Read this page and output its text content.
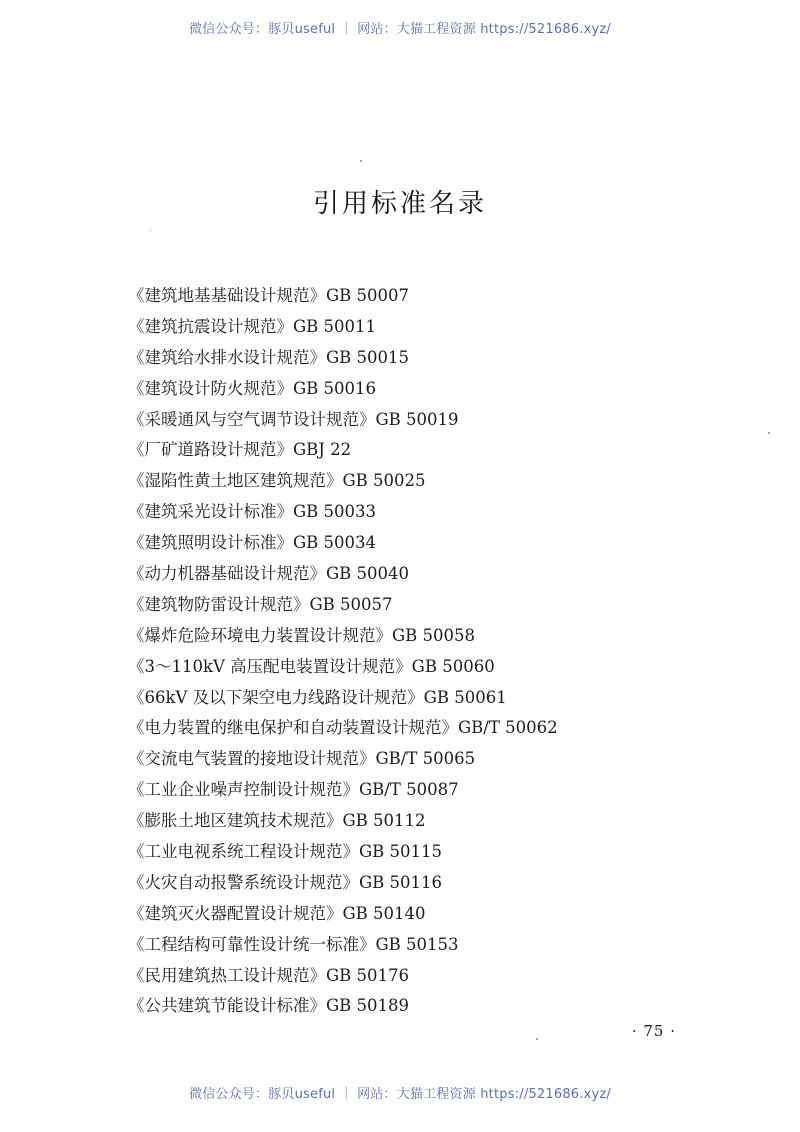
微信公众号：豚贝useful ｜ 网站：大猫工程资源 https://521686.xyz/
引用标准名录
《建筑地基基础设计规范》GB 50007
《建筑抗震设计规范》GB 50011
《建筑给水排水设计规范》GB 50015
《建筑设计防火规范》GB 50016
《采暖通风与空气调节设计规范》GB 50019
《厂矿道路设计规范》GBJ 22
《湿陷性黄土地区建筑规范》GB 50025
《建筑采光设计标准》GB 50033
《建筑照明设计标准》GB 50034
《动力机器基础设计规范》GB 50040
《建筑物防雷设计规范》GB 50057
《爆炸危险环境电力装置设计规范》GB 50058
《3～110kV 高压配电装置设计规范》GB 50060
《66kV 及以下架空电力线路设计规范》GB 50061
《电力装置的继电保护和自动装置设计规范》GB/T 50062
《交流电气装置的接地设计规范》GB/T 50065
《工业企业噪声控制设计规范》GB/T 50087
《膨胀土地区建筑技术规范》GB 50112
《工业电视系统工程设计规范》GB 50115
《火灾自动报警系统设计规范》GB 50116
《建筑灭火器配置设计规范》GB 50140
《工程结构可靠性设计统一标准》GB 50153
《民用建筑热工设计规范》GB 50176
《公共建筑节能设计标准》GB 50189
· 75 ·
微信公众号：豚贝useful ｜ 网站：大猫工程资源 https://521686.xyz/
